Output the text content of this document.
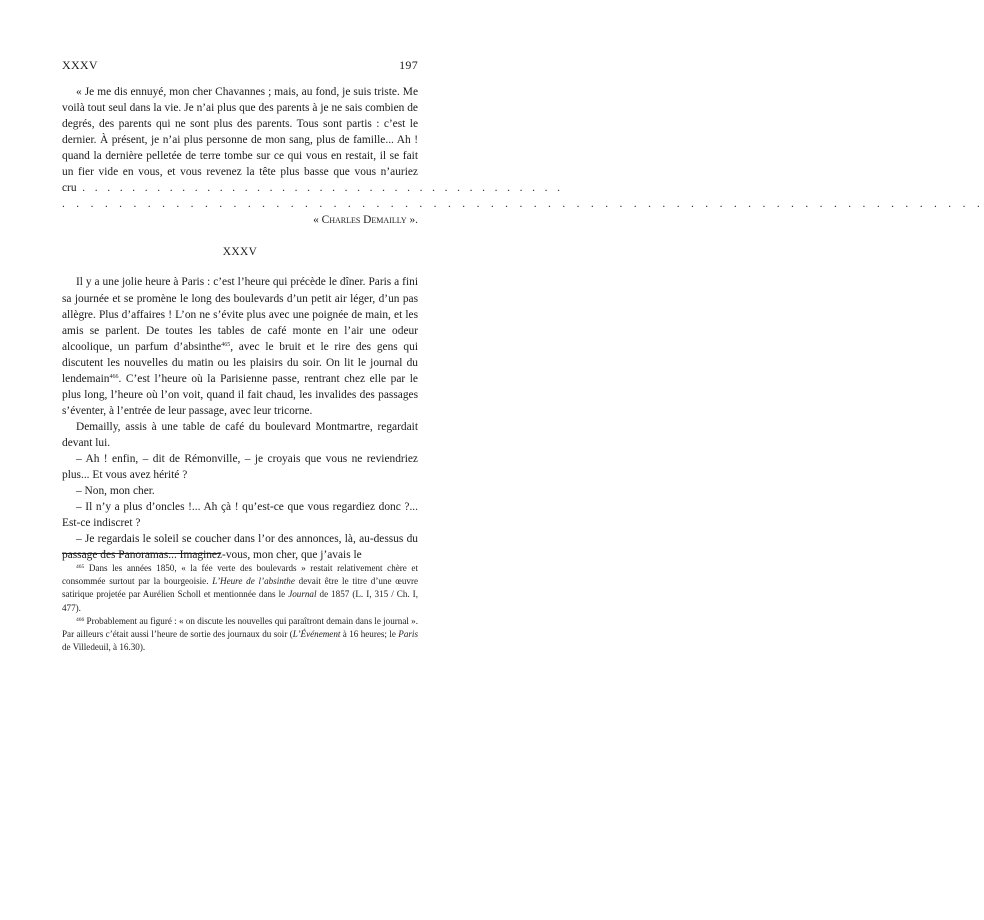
XXXV	197

« Je me dis ennuyé, mon cher Chavannes ; mais, au fond, je suis triste. Me voilà tout seul dans la vie. Je n’ai plus que des parents à je ne sais combien de degrés, des parents qui ne sont plus des parents. Tous sont partis : c’est le dernier. À présent, je n’ai plus personne de mon sang, plus de famille... Ah ! quand la dernière pelletée de terre tombe sur ce qui vous en restait, il se fait un fier vide en vous, et vous revenez la tête plus basse que vous n’auriez cru . . . . . . . . . . . . . . . . . . . . . . . . . . . . . . . . . . . . . . .

. . . . . . . . . . . . . . . . . . . . . . . . . . . . . . . . . . . . . . . . . . . . . . . . . . . . . . . . . . . . . . . . .

« Charles Demailly ».

XXXV

Il y a une jolie heure à Paris : c’est l’heure qui précède le dîner. Paris a fini sa journée et se promène le long des boulevards d’un petit air léger, d’un pas allègre. Plus d’affaires ! L’on ne s’évite plus avec une poignée de main, et les amis se parlent. De toutes les tables de café monte en l’air une odeur alcoolique, un parfum d’absinthe$^{465}$, avec le bruit et le rire des gens qui discutent les nouvelles du matin ou les plaisirs du soir. On lit le journal du lendemain$^{466}$. C’est l’heure où la Parisienne passe, rentrant chez elle par le plus long, l’heure où l’on voit, quand il fait chaud, les invalides des passages s’éventer, à l’entrée de leur passage, avec leur tricorne.

Demailly, assis à une table de café du boulevard Montmartre, regardait devant lui.

– Ah ! enfin, – dit de Rémonville, – je croyais que vous ne reviendriez plus... Et vous avez hérité ?

– Non, mon cher.

– Il n’y a plus d’oncles !... Ah çà ! qu’est-ce que vous regardiez donc ?... Est-ce indiscret ?

– Je regardais le soleil se coucher dans l’or des annonces, là, au-dessus du passage des Panoramas... Imaginez-vous, mon cher, que j’avais le

$^{465}$ Dans les années 1850, « la fée verte des boulevards » restait relativement chère et consommée surtout par la bourgeoisie. L’Heure de l’absinthe devait être le titre d’une œuvre satirique projetée par Aurélien Scholl et mentionnée dans le Journal de 1857 (L. I, 315 / Ch. I, 477).

$^{466}$ Probablement au figuré : « on discute les nouvelles qui paraîtront demain dans le journal ». Par ailleurs c’était aussi l’heure de sortie des journaux du soir (L’Événement à 16 heures; le Paris de Villedeuil, à 16.30).
